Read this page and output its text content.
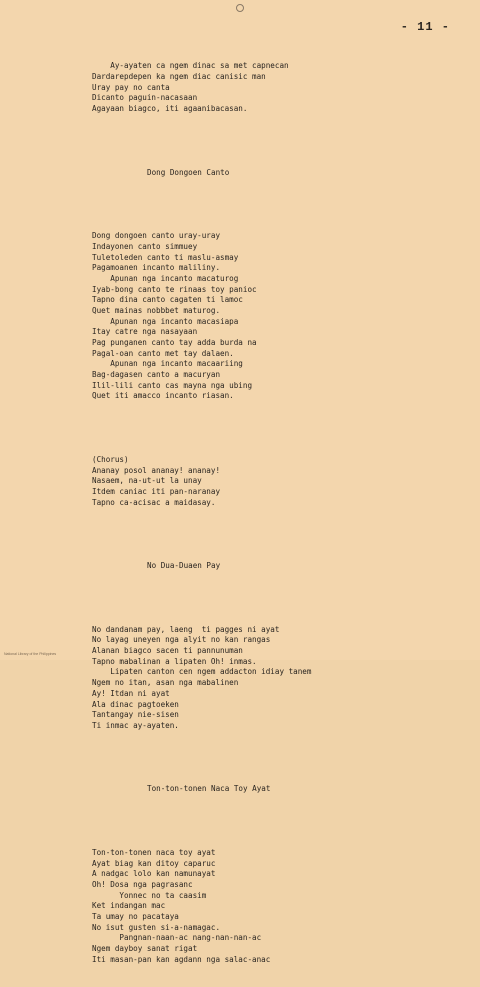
- 11 -

Ay-ayaten ca ngem dinac sa met capnecan
Dardarepdepen ka ngem diac canisic man
Uray pay no canta
Dicanto paguin-nacasaan
Agayaan biagco, iti agaanibacasan.

Dong Dongoen Canto

Dong dongoen canto uray-uray
Indayonen canto simmuey
Tuletoleden canto ti maslu-asmay
Pagamoanen incanto maliliny.
Apunan nga incanto macaturog
Iyab-bong canto te rinaas toy panioc
Tapno dina canto cagaten ti lamoc
Quet mainas nobbbet maturog.
Apunan nga incanto macasiapa
Itay catre nga nasayaan
Pag punganen canto tay adda burda na
Pagal-oan canto met tay dalaen.
Apunan nga incanto macaariing
Bag-dagasen canto a macuryan
Ilil-lili canto cas mayna nga ubing
Quet iti amacco incanto riasan.

(Chorus)
Ananay posol ananay! ananay!
Nasaem, na-ut-ut la unay
Itdem caniac iti pan-naranay
Tapno ca-acisac a maidasay.

No Dua-Duaen Pay

No dandanam pay, laeng  ti pagges ni ayat
No layag uneyen nga alyit no kan rangas
Alanan biagco sacen ti pannunuman
Tapno mabalinan a lipaten Oh! inmas.
Lipaten canton cen ngem addacton idiay tanem
Ngem no itan, asan nga mabalinen
Ay! Itdan ni ayat
Ala dinac pagtoeken
Tantangay nie-sisen
Ti inmac ay-ayaten.

Ton-ton-tonen Naca Toy Ayat

Ton-ton-tonen naca toy ayat
Ayat biag kan ditoy caparuc
A nadgac lolo kan namunayat
Oh! Dosa nga pagrasanc
Yonnec no ta caasim
Ket indangan mac
Ta umay no pacataya
No isut gusten si-a-namagac.
Pangnan-naan-ac nang-nan-nan-ac
Ngem dayboy sanat rigat
Iti masan-pan kan agdann nga salac-anac

National Library of the Philippines
